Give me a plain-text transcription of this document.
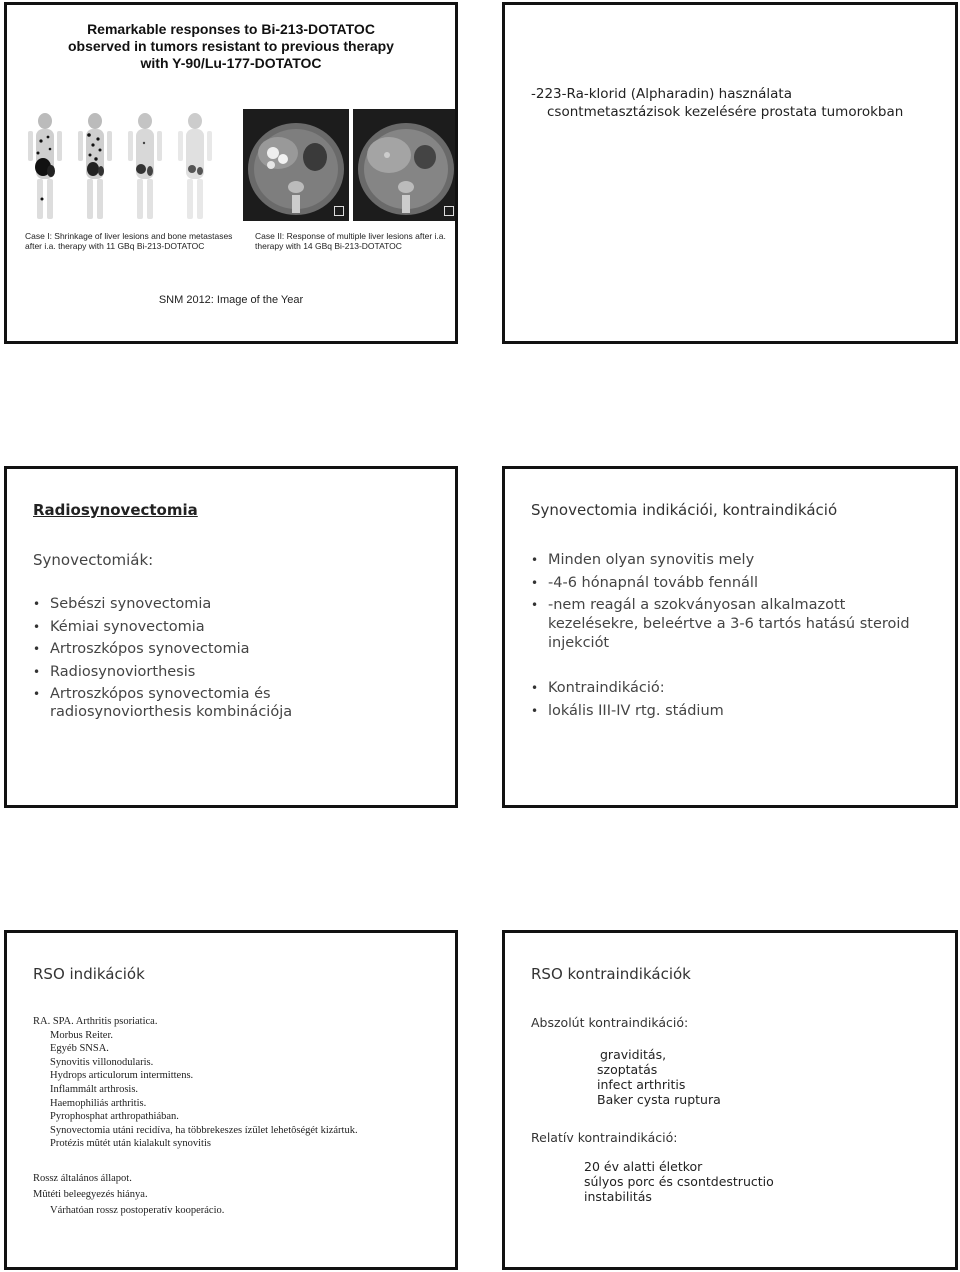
Remarkable responses to Bi-213-DOTATOC
observed in tumors resistant to previous therapy
with Y-90/Lu-177-DOTATOC
Case I: Shrinkage of liver lesions and bone metastases
after i.a. therapy with 11 GBq Bi-213-DOTATOC
Case II: Response of multiple liver lesions after i.a.
therapy with 14 GBq Bi-213-DOTATOC
SNM 2012: Image of the Year
-223-Ra-klorid (Alpharadin) használata
csontmetasztázisok kezelésére prostata tumorokban
Radiosynovectomia
Synovectomiák:
• Sebészi synovectomia
• Kémiai synovectomia
• Artroszkópos synovectomia
• Radiosynoviorthesis
• Artroszkópos synovectomia és
radiosynoviorthesis kombinációja
Synovectomia indikációi, kontraindikáció
• Minden olyan synovitis mely
• -4-6 hónapnál tovább fennáll
• -nem reagál a szokványosan alkalmazott
kezelésekre, beleértve a 3-6 tartós hatású steroid
injekciót
• Kontraindikáció:
• lokális III-IV rtg. stádium
RSO indikációk
RA. SPA. Arthritis psoriatica.
Morbus Reiter.
Egyéb SNSA.
Synovitis villonodularis.
Hydrops articulorum intermittens.
Inflammált arthrosis.
Haemophiliás arthritis.
Pyrophosphat arthropathiában.
Synovectomia utáni recidíva, ha többrekeszes ízület lehetôségét kizártuk.
Protézis mûtét után kialakult synovitis
Rossz általános állapot.
Mûtéti beleegyezés hiánya.
Várhatóan rossz postoperatív kooperácio.
RSO kontraindikációk
Abszolút kontraindikáció:
graviditás,
szoptatás
infect arthritis
Baker cysta ruptura
Relatív kontraindikáció:
20 év alatti életkor
súlyos porc és csontdestructio
instabilitás
